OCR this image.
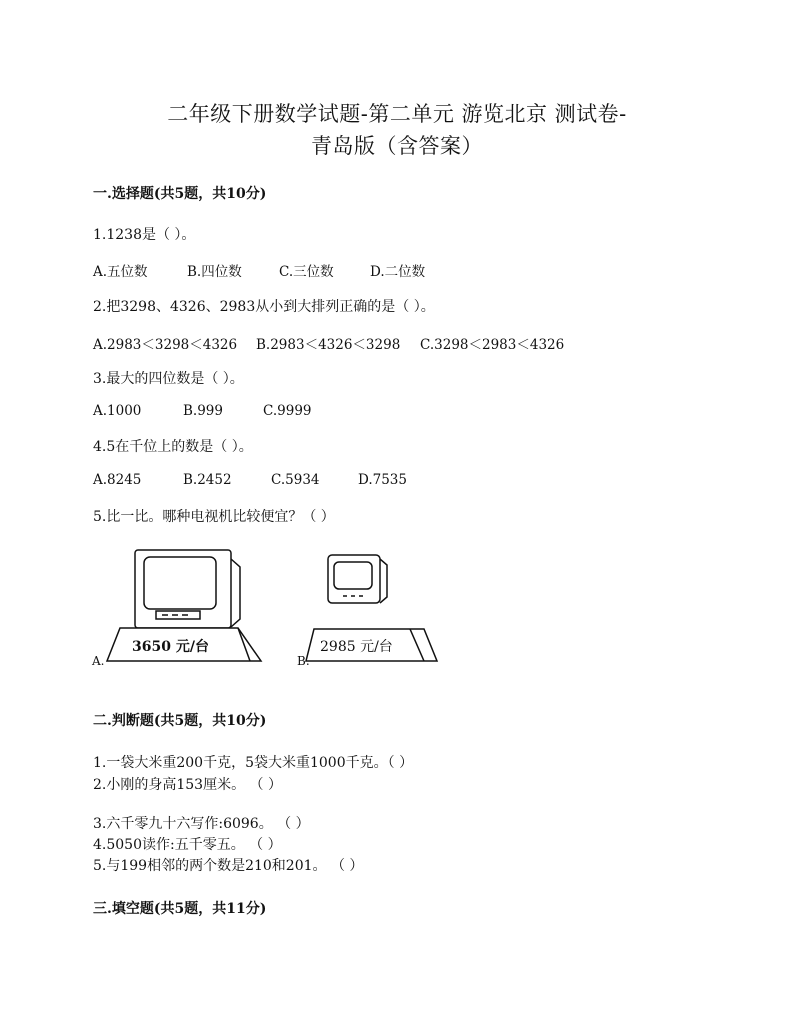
二年级下册数学试题-第二单元 游览北京 测试卷-
青岛版（含答案）
一.选择题(共5题，共10分)
1.1238是（ ）。
A.五位数	B.四位数	C.三位数	D.二位数
2.把3298、4326、2983从小到大排列正确的是（ ）。
A.2983＜3298＜4326 B.2983＜4326＜3298 C.3298＜2983＜4326
3.最大的四位数是（ ）。
A.1000	B.999	C.9999
4.5在千位上的数是（ ）。
A.8245	B.2452	C.5934	D.7535
5.比一比。哪种电视机比较便宜？（ ）
3650 元/台
A.
2985 元/台
B.
二.判断题(共5题，共10分)
1.一袋大米重200千克，5袋大米重1000千克。（ ）
2.小刚的身高153厘米。 （ ）
3.六千零九十六写作:6096。 （ ）
4.5050读作:五千零五。 （ ）
5.与199相邻的两个数是210和201。 （ ）
三.填空题(共5题，共11分)
